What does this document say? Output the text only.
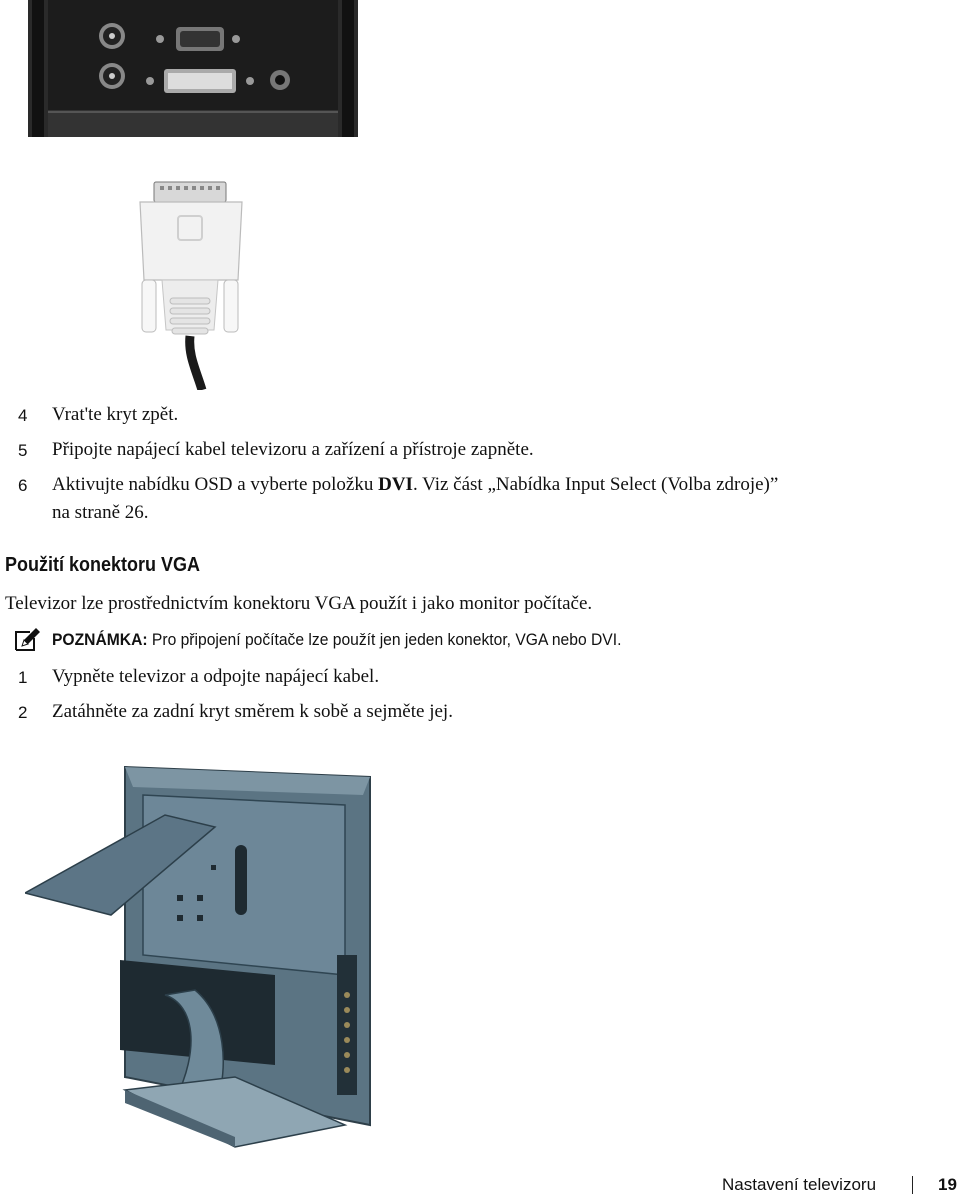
4	Vrat'te kryt zpět.
5	Připojte napájecí kabel televizoru a zařízení a přístroje zapněte.
6	Aktivujte nabídku OSD a vyberte položku DVI. Viz část „Nabídka Input Select (Volba zdroje)”
na straně 26.
Použití konektoru VGA
Televizor lze prostřednictvím konektoru VGA použít i jako monitor počítače.
POZNÁMKA: Pro připojení počítače lze použít jen jeden konektor, VGA nebo DVI.
1	Vypněte televizor a odpojte napájecí kabel.
2	Zatáhněte za zadní kryt směrem k sobě a sejměte jej.
Nastavení televizoru	19
